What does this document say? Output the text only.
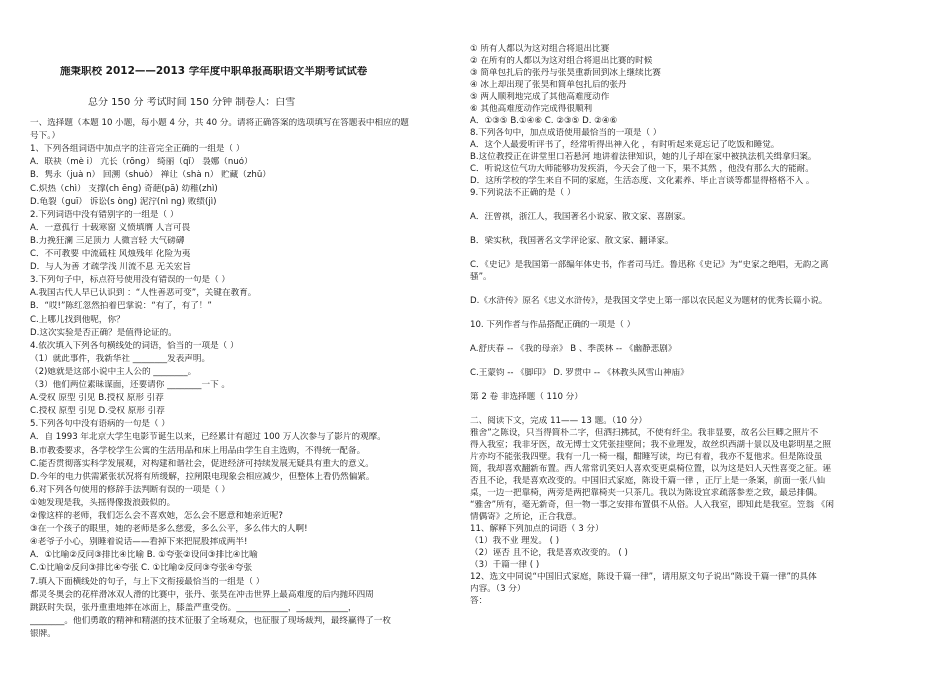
施秉职校 2012——2013 学年度中职单报高职语文半期考试试卷
总分 150 分 考试时间 150 分钟 制卷人：白雪
一、选择题（本题 10 小题，每小题 4 分，共 40 分。请将正确答案的选项填写在答题表中相应的题
号下。）
1、下列各组词语中加点字的注音完全正确的一组是（ ）
A．联袂（mè i） 亢长（rōng） 绮丽（qǐ） 袅娜（nuó）
B．隽永（juà n） 回溯（shuò） 禅让（shà n） 贮藏（zhǔ）
C.炽热（chì） 支撑(ch ēng) 奇葩(pā) 幼稚(zhì)
D.龟裂（guī） 诉讼(s òng) 泥泞(nì ng) 败绩(jì)
2.下列词语中没有错别字的一组是（ ）
A．一意孤行 十载寒窗 义愤填膺 人言可畏
B.力挽狂澜 三足顶力 人微言轻 大气磅礴
C．不可教要 中流砥柱 风烛残年 化险为夷
D．与人为善 才疏学浅 川流不息 无关宏旨
3.下列句子中，标点符号使用没有错误的一句是（ ）
A.我国古代人早已认识到 ：“人性善恶可变”，关键在教育。
B．“哎!”陈红忽然拍着巴掌说：“有了，有了！”
C.上哪儿找到他呢，你？
D.这次实验是否正确？是值得论证的。
4.依次填入下列各句横线处的词语，恰当的一项是（ ）
（1）就此事件，我新华社 ________发表声明。
（2)她就是这部小说中主人公的 ________。
（3）他们两位素昧谋面，还要请你 ________一下 。
A.受权 原型 引见 B.授权 原形 引荐
C.授权 原型 引见 D.受权 原形 引荐
5.下列各句中没有语病的一句是（ ）
A．自 1993 年北京大学生电影节诞生以来，已经累计有超过 100 万人次参与了影片的观摩。
B.市教委要求，各学校学生公寓的生活用品和床上用品由学生自主选购，不得统一配备。
C.能否贯彻落实科学发展观，对构建和谐社会，促进经济可持续发展无疑具有重大的意义。
D.今年的电力供需紧张状况将有所缓解，拉闸限电现象会相应减少，但整体上看仍然偏紧。
6.对下列各句使用的修辞手法判断有误的一项是（ ）
①她发现是我，头摇得像拨浪鼓似的。
②像这样的老师，我们怎么会不喜欢她，怎么会不愿意和她亲近呢?
③在一个孩子的眼里，她的老师是多么慈爱，多么公平，多么伟大的人啊!
④老爷子小心，别睡着说话——看掉下来把屁股摔成两半!
A．①比喻②反问③排比④比喻 B. ①夸张②设问③排比④比喻
C.①比喻②反问③排比④夸张 C. ①比喻②反问③夸张④夸张
7.填入下面横线处的句子，与上下文衔接最恰当的一组是（ ）
都灵冬奥会的花样滑冰双人滑的比赛中，张丹、张昊在冲击世界上最高难度的后内抛环四周
跳跃时失误，张丹重重地摔在冰面上，膝盖严重受伤。____________，____________，
________。他们勇敢的精神和精湛的技术征服了全场观众，也征服了现场裁判，最终赢得了一枚
银牌。
① 所有人都以为这对组合将退出比赛
② 在所有的人都以为这对组合将退出比赛的时候
③ 简单包扎后的张丹与张昊重新回到冰上继续比赛
④ 冰上却出现了张昊和简单包扎后的张丹
⑤ 两人顺利地完成了其他高难度动作
⑥ 其他高难度动作完成得很顺利
A．①③⑤ B.①④⑥ C. ②③⑤ D. ②④⑥
8.下列各句中，加点成语使用最恰当的一项是（ ）
A．这个人最爱听评书了，经常听得出神入化 ，有时听起来竟忘记了吃饭和睡觉。
B.这位教授正在讲堂里口若悬河 地讲着法律知识，她的儿子却在家中被执法机关缉拿归案。
C．听说这位气功大师能够功发疾消，今天会了他一下，果不其然 ，他没有那么大的能耐。
D．这所学校的学生来自不同的家庭，生活态度、文化素养、毕止言谈等都显得格格不入 。
9.下列说法不正确的是（ ）
A．汪曾祺，浙江人，我国著名小说家、散文家、喜剧家。
B．梁实秋，我国著名文学评论家、散文家、翻译家。
C．《史记》是我国第一部编年体史书，作者司马迁。鲁迅称《史记》为“史家之绝唱，无韵之离
骚”。
D.《水浒传》原名《忠义水浒传》，是我国文学史上第一部以农民起义为题材的优秀长篇小说。
10. 下列作者与作品搭配正确的一项是（ ）
A.舒庆春 -- 《我的母亲》 B 、季羡林 -- 《幽静悲剧》
C.王蒙钧 -- 《脚印》 D. 罗贯中 -- 《林教头风雪山神庙》
第 2 卷 非选择题（ 110 分）
二、阅读下文，完成 11—— 13 题。（10 分）
雅舍”之陈设，只当得简朴二字，但洒扫拂拭，不使有纤尘。我非显要，故名公巨卿之照片不
得入我室；我非牙医，故无博士文凭张挂壁间；我不业理发，故丝织西湖十景以及电影明星之照
片亦均不能张我四壁。我有一几一椅一榻，酣睡写读，均已有着，我亦不复他求。但是陈设虽
简，我却喜欢翻新布置。西人常常讥笑妇人喜欢变更桌椅位置，以为这是妇人天性喜变之征。诬
否且不论，我是喜欢改变的。中国旧式家庭，陈设千篇一律 ，正厅上是一条案，前面一张八仙
桌，一边一把靠椅，两旁是两把靠椅夹一只茶几。我以为陈设宜求疏落参差之致，最忌排偶。
“雅舍”所有，毫无新奇，但一物一事之安排布置俱不从俗。人入我室，即知此是我室。笠翁 《闲
情偶寄》之所论，正合我意。
11、解释下列加点的词语（ 3 分）
（1）我不业 理发。 ( )
（2）诬否 且不论，我是喜欢改变的。 ( )
（3）千篇一律 ( )
12、选文中同说“中国旧式家庭，陈设千篇一律”，请用原文句子说出“陈设千篇一律”的具体
内容。（3 分）
答：
